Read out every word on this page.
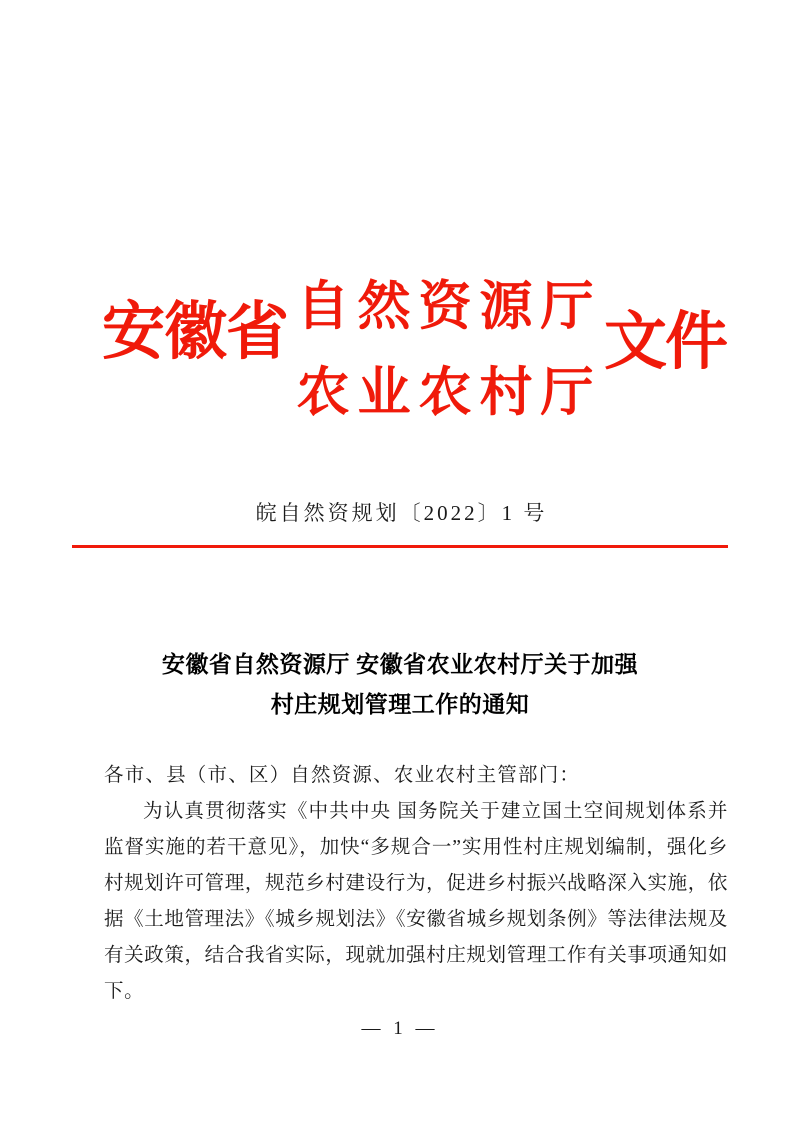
安徽省 自然资源厅
农业农村厅
文件
皖自然资规划〔2022〕1 号
安徽省自然资源厅 安徽省农业农村厅关于加强
村庄规划管理工作的通知
各市、县（市、区）自然资源、农业农村主管部门：

为认真贯彻落实《中共中央 国务院关于建立国土空间规划体系并监督实施的若干意见》，加快“多规合一”实用性村庄规划编制，强化乡村规划许可管理，规范乡村建设行为，促进乡村振兴战略深入实施，依据《土地管理法》《城乡规划法》《安徽省城乡规划条例》等法律法规及有关政策，结合我省实际，现就加强村庄规划管理工作有关事项通知如下。

— 1 —
